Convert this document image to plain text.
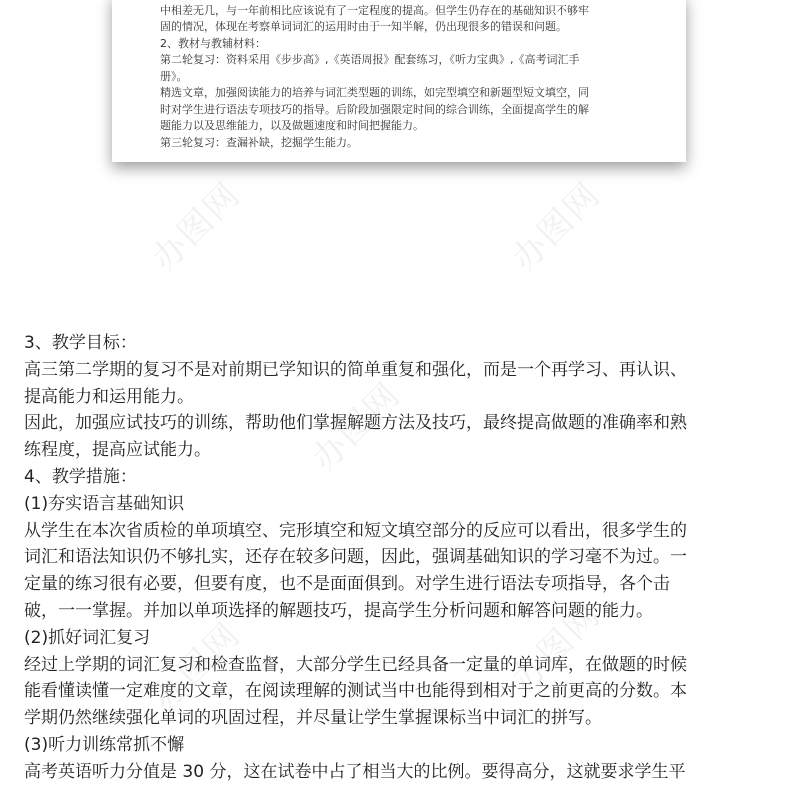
中相差无几，与一年前相比应该说有了一定程度的提高。但学生仍存在的基础知识不够牢
固的情况，体现在考察单词词汇的运用时由于一知半解，仍出现很多的错误和问题。
2、教材与教辅材料：
第二轮复习：资料采用《步步高》,《英语周报》配套练习，《听力宝典》,《高考词汇手
册》。
精选文章，加强阅读能力的培养与词汇类型题的训练，如完型填空和新题型短文填空，同
时对学生进行语法专项技巧的指导。后阶段加强限定时间的综合训练，全面提高学生的解
题能力以及思维能力，以及做题速度和时间把握能力。
第三轮复习：查漏补缺，挖掘学生能力。
3、教学目标：
高三第二学期的复习不是对前期已学知识的简单重复和强化，而是一个再学习、再认识、
提高能力和运用能力。
因此，加强应试技巧的训练，帮助他们掌握解题方法及技巧，最终提高做题的准确率和熟
练程度，提高应试能力。
4、教学措施：
(1)夯实语言基础知识
从学生在本次省质检的单项填空、完形填空和短文填空部分的反应可以看出，很多学生的
词汇和语法知识仍不够扎实，还存在较多问题，因此，强调基础知识的学习毫不为过。一
定量的练习很有必要，但要有度，也不是面面俱到。对学生进行语法专项指导，各个击
破，一一掌握。并加以单项选择的解题技巧，提高学生分析问题和解答问题的能力。
(2)抓好词汇复习
经过上学期的词汇复习和检查监督，大部分学生已经具备一定量的单词库，在做题的时候
能看懂读懂一定难度的文章，在阅读理解的测试当中也能得到相对于之前更高的分数。本
学期仍然继续强化单词的巩固过程，并尽量让学生掌握课标当中词汇的拼写。
(3)听力训练常抓不懈
高考英语听力分值是 30 分，这在试卷中占了相当大的比例。要得高分，这就要求学生平
办图网	办图网
办图网
办图网
办图网
